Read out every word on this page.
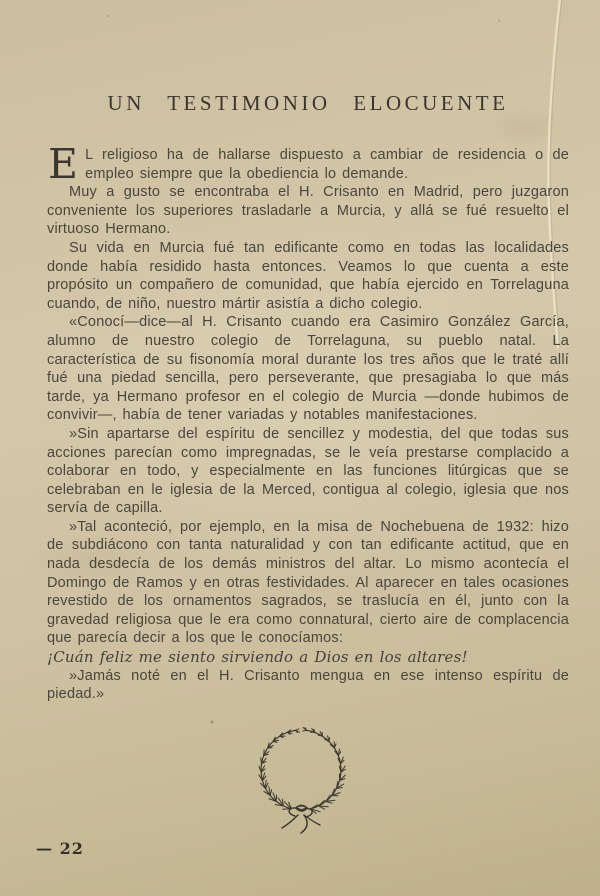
UN TESTIMONIO ELOCUENTE

E L religioso ha de hallarse dispuesto a cambiar de residencia o de empleo siempre que la obediencia lo demande.

Muy a gusto se encontraba el H. Crisanto en Madrid, pero juzgaron conveniente los superiores trasladarle a Murcia, y allá se fué resuelto el virtuoso Hermano.

Su vida en Murcia fué tan edificante como en todas las localidades donde había residido hasta entonces. Veamos lo que cuenta a este propósito un compañero de comunidad, que había ejercido en Torrelaguna cuando, de niño, nuestro mártir asistía a dicho colegio.

«Conocí—dice—al H. Crisanto cuando era Casimiro González García, alumno de nuestro colegio de Torrelaguna, su pueblo natal. La característica de su fisonomía moral durante los tres años que le traté allí fué una piedad sencilla, pero perseverante, que presagiaba lo que más tarde, ya Hermano profesor en el colegio de Murcia —donde hubimos de convivir—, había de tener variadas y notables manifestaciones.

»Sin apartarse del espíritu de sencillez y modestia, del que todas sus acciones parecían como impregnadas, se le veía prestarse complacido a colaborar en todo, y especialmente en las funciones litúrgicas que se celebraban en le iglesia de la Merced, contigua al colegio, iglesia que nos servía de capilla.

»Tal aconteció, por ejemplo, en la misa de Nochebuena de 1932: hizo de subdiácono con tanta naturalidad y con tan edificante actitud, que en nada desdecía de los demás ministros del altar. Lo mismo acontecía el Domingo de Ramos y en otras festividades. Al aparecer en tales ocasiones revestido de los ornamentos sagrados, se traslucía en él, junto con la gravedad religiosa que le era como connatural, cierto aire de complacencia que parecía decir a los que le conocíamos:

¡Cuán feliz me siento sirviendo a Dios en los altares!

»Jamás noté en el H. Crisanto mengua en ese intenso espíritu de piedad.»

— 22
